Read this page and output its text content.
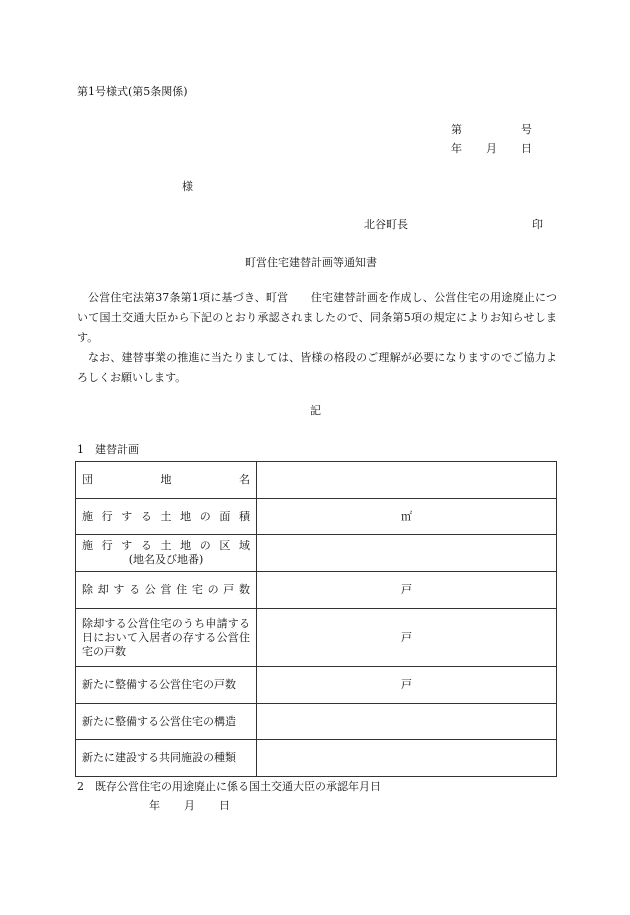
第1号様式(第5条関係)
第	号
年 月 日
様
北谷町長	印
町営住宅建替計画等通知書
公営住宅法第37条第1項に基づき、町営　　住宅建替計画を作成し、公営住宅の用途廃止について国土交通大臣から下記のとおり承認されましたので、同条第5項の規定によりお知らせします。
なお、建替事業の推進に当たりましては、皆様の格段のご理解が必要になりますのでご協力よろしくお願いします。
記
1　建替計画
団地名	

施行する土地の面積	㎡

施行する土地の区域
(地名及び地番)	

除却する公営住宅の戸数	戸
除却する公営住宅のうち申請する日において入居者の存する公営住宅の戸数	戸
新たに整備する公営住宅の戸数	戸
新たに整備する公営住宅の構造	
新たに建設する共同施設の種類	
2　既存公営住宅の用途廃止に係る国土交通大臣の承認年月日
年 月 日
